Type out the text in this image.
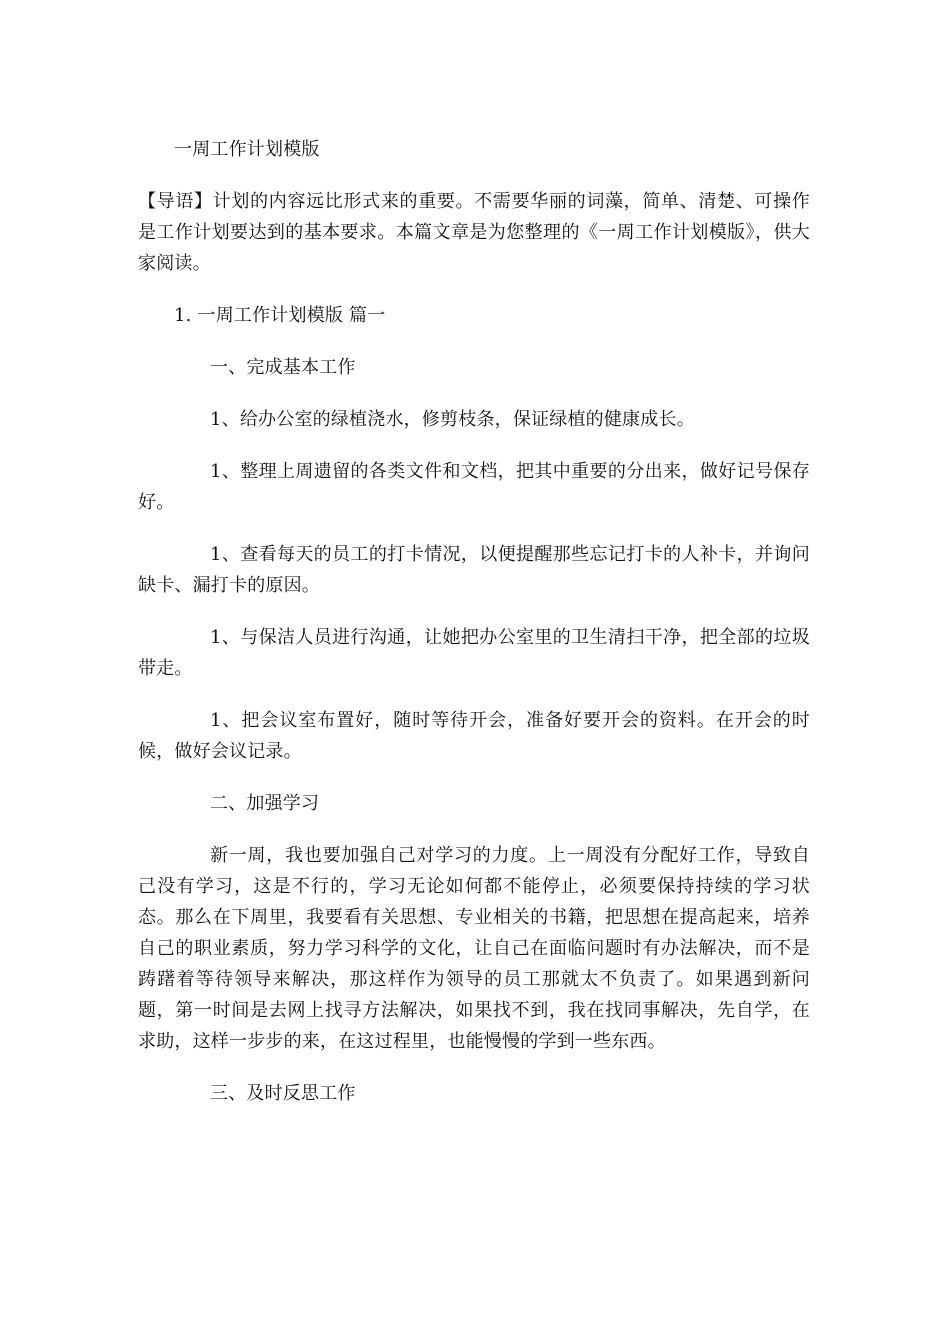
一周工作计划模版

【导语】计划的内容远比形式来的重要。不需要华丽的词藻，简单、清楚、可操作是工作计划要达到的基本要求。本篇文章是为您整理的《一周工作计划模版》，供大家阅读。

1. 一周工作计划模版 篇一

一、完成基本工作

1、给办公室的绿植浇水，修剪枝条，保证绿植的健康成长。

1、整理上周遗留的各类文件和文档，把其中重要的分出来，做好记号保存好。

1、查看每天的员工的打卡情况，以便提醒那些忘记打卡的人补卡，并询问缺卡、漏打卡的原因。

1、与保洁人员进行沟通，让她把办公室里的卫生清扫干净，把全部的垃圾带走。

1、把会议室布置好，随时等待开会，准备好要开会的资料。在开会的时候，做好会议记录。

二、加强学习

新一周，我也要加强自己对学习的力度。上一周没有分配好工作，导致自己没有学习，这是不行的，学习无论如何都不能停止，必须要保持持续的学习状态。那么在下周里，我要看有关思想、专业相关的书籍，把思想在提高起来，培养自己的职业素质，努力学习科学的文化，让自己在面临问题时有办法解决，而不是踌躇着等待领导来解决，那这样作为领导的员工那就太不负责了。如果遇到新问题，第一时间是去网上找寻方法解决，如果找不到，我在找同事解决，先自学，在求助，这样一步步的来，在这过程里，也能慢慢的学到一些东西。

三、及时反思工作
